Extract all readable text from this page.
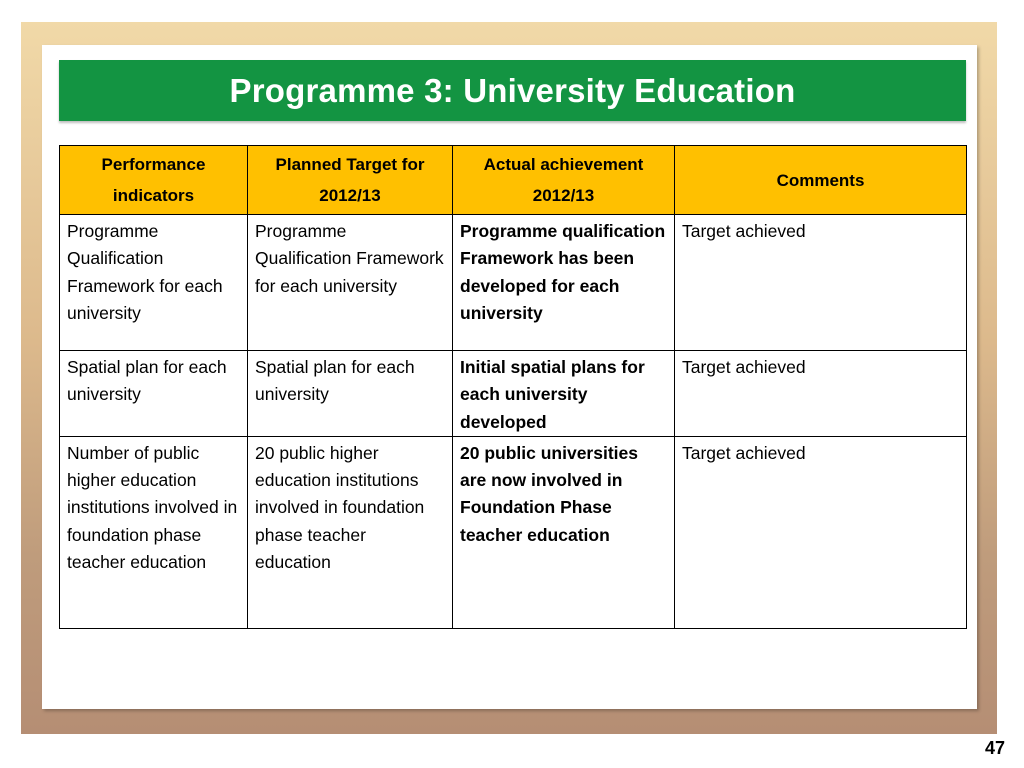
Programme 3: University Education
Performance indicators	Planned Target for 2012/13	Actual achievement 2012/13	Comments
Programme Qualification Framework for each university	Programme Qualification Framework for each university	Programme qualification Framework has been developed for each university	Target achieved
Spatial plan for each university	Spatial plan for each university	Initial spatial plans for each university developed	Target achieved
Number of public higher education institutions involved in foundation phase teacher education	20 public higher education institutions involved in foundation phase teacher education	20 public universities are now involved in Foundation Phase teacher education	Target achieved
47
